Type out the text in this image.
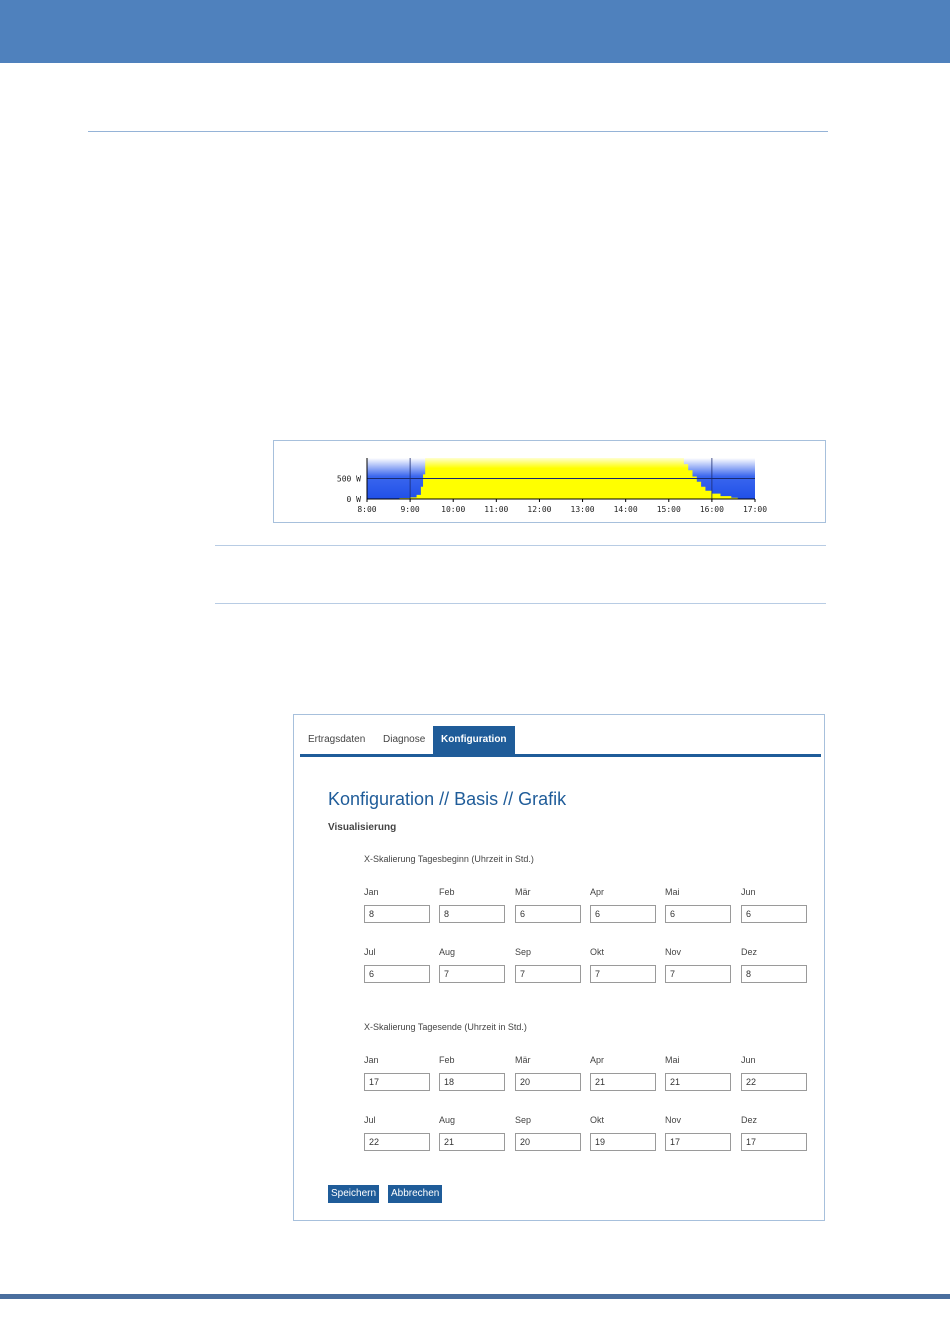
8:00	9:00	10:00 11:00 12:00 13:00 14:00 15:00 16:00 17:00
500 W
0 W
Ertragsdaten	Diagnose	Konfiguration
Konfiguration // Basis // Grafik
Visualisierung
X-Skalierung Tagesbeginn (Uhrzeit in Std.)
X-Skalierung Tagesende (Uhrzeit in Std.)
Jan
8
Feb
8
Mär
6
Apr
6
Mai
6
Jun
6
Jul
6
Aug
7
Sep
7
Okt
7
Nov
7
Dez
8
Jan
17
Feb
18
Mär
20
Apr
21
Mai
21
Jun
22
Jul
22
Aug
21
Sep
20
Okt
19
Nov
17
Dez
17
Speichern	Abbrechen
